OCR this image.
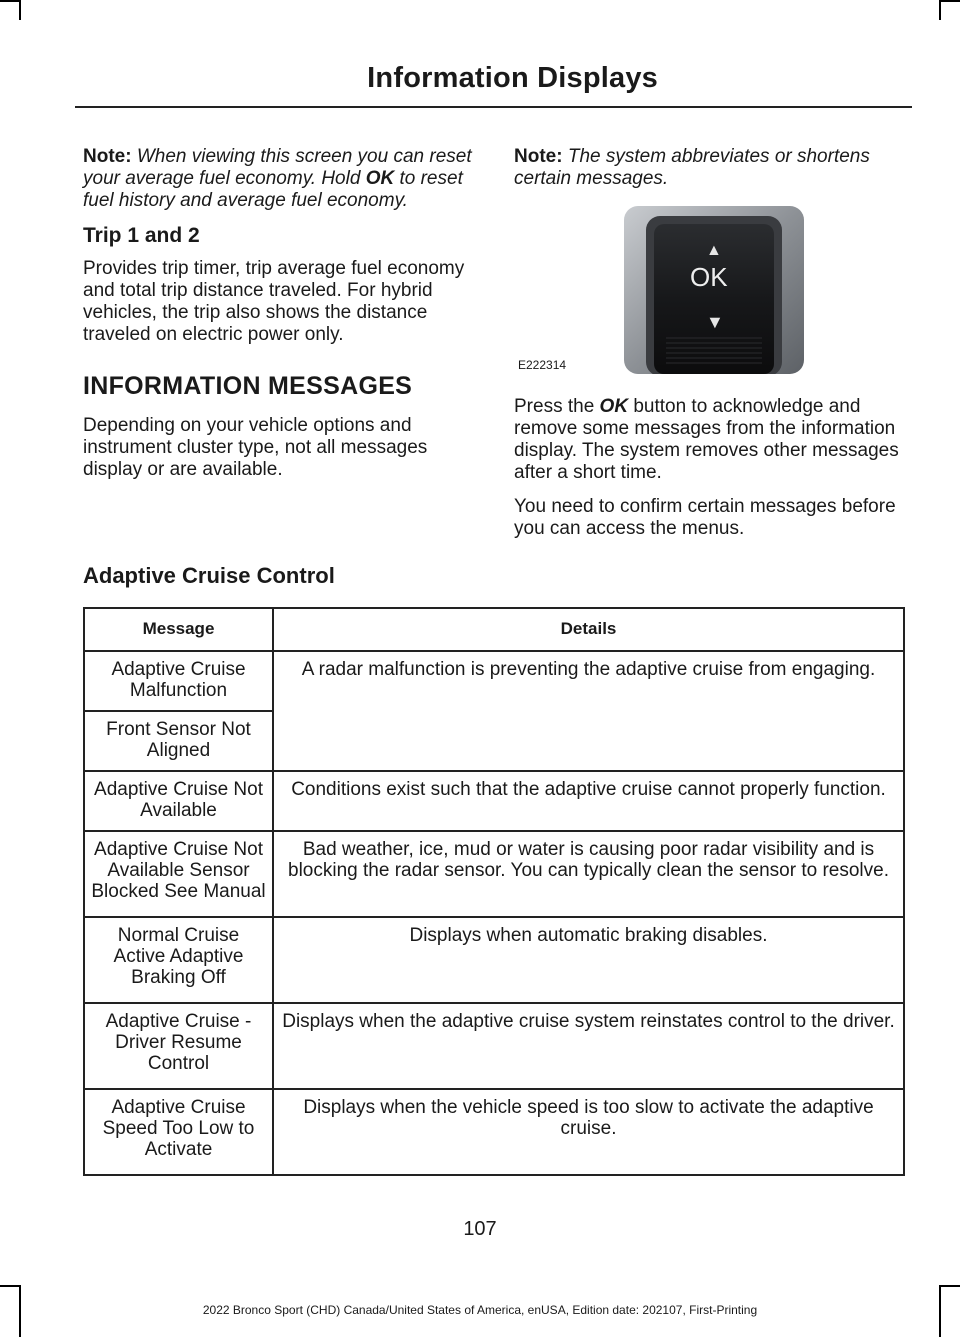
Information Displays

Note: When viewing this screen you can reset your average fuel economy. Hold OK to reset fuel history and average fuel economy.

Trip 1 and 2

Provides trip timer, trip average fuel economy and total trip distance traveled. For hybrid vehicles, the trip also shows the distance traveled on electric power only.

INFORMATION MESSAGES

Depending on your vehicle options and instrument cluster type, not all messages display or are available.

Note: The system abbreviates or shortens certain messages.

▲
OK
▼
E222314

Press the OK button to acknowledge and remove some messages from the information display. The system removes other messages after a short time.

You need to confirm certain messages before you can access the menus.

Adaptive Cruise Control
Message	Details
Adaptive Cruise Malfunction	A radar malfunction is preventing the adaptive cruise from engaging.
Front Sensor Not Aligned	
Adaptive Cruise Not Available	Conditions exist such that the adaptive cruise cannot properly function.
Adaptive Cruise Not Available Sensor Blocked See Manual	Bad weather, ice, mud or water is causing poor radar visibility and is blocking the radar sensor. You can typically clean the sensor to resolve.
Normal Cruise Active Adaptive Braking Off	Displays when automatic braking disables.
Adaptive Cruise - Driver Resume Control	Displays when the adaptive cruise system reinstates control to the driver.
Adaptive Cruise Speed Too Low to Activate	Displays when the vehicle speed is too slow to activate the adaptive cruise.
107
2022 Bronco Sport (CHD) Canada/United States of America, enUSA, Edition date: 202107, First-Printing
